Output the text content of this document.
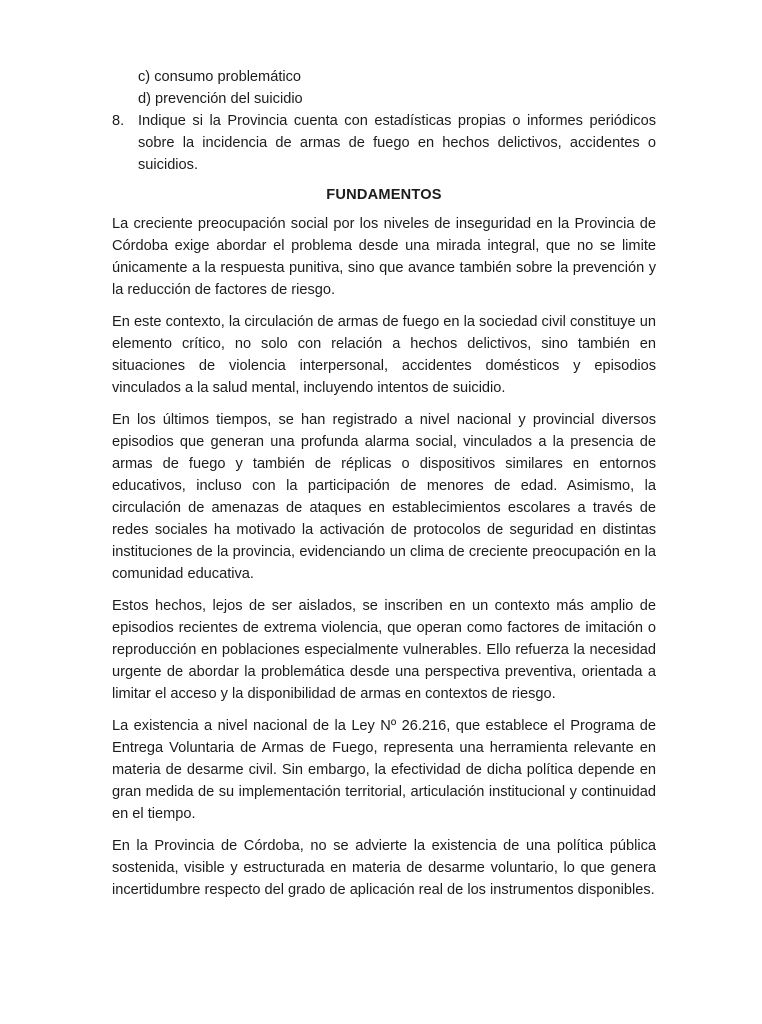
c) consumo problemático
d) prevención del suicidio
8. Indique si la Provincia cuenta con estadísticas propias o informes periódicos sobre la incidencia de armas de fuego en hechos delictivos, accidentes o suicidios.
FUNDAMENTOS

La creciente preocupación social por los niveles de inseguridad en la Provincia de Córdoba exige abordar el problema desde una mirada integral, que no se limite únicamente a la respuesta punitiva, sino que avance también sobre la prevención y la reducción de factores de riesgo.

En este contexto, la circulación de armas de fuego en la sociedad civil constituye un elemento crítico, no solo con relación a hechos delictivos, sino también en situaciones de violencia interpersonal, accidentes domésticos y episodios vinculados a la salud mental, incluyendo intentos de suicidio.

En los últimos tiempos, se han registrado a nivel nacional y provincial diversos episodios que generan una profunda alarma social, vinculados a la presencia de armas de fuego y también de réplicas o dispositivos similares en entornos educativos, incluso con la participación de menores de edad. Asimismo, la circulación de amenazas de ataques en establecimientos escolares a través de redes sociales ha motivado la activación de protocolos de seguridad en distintas instituciones de la provincia, evidenciando un clima de creciente preocupación en la comunidad educativa.

Estos hechos, lejos de ser aislados, se inscriben en un contexto más amplio de episodios recientes de extrema violencia, que operan como factores de imitación o reproducción en poblaciones especialmente vulnerables. Ello refuerza la necesidad urgente de abordar la problemática desde una perspectiva preventiva, orientada a limitar el acceso y la disponibilidad de armas en contextos de riesgo.

La existencia a nivel nacional de la Ley Nº 26.216, que establece el Programa de Entrega Voluntaria de Armas de Fuego, representa una herramienta relevante en materia de desarme civil. Sin embargo, la efectividad de dicha política depende en gran medida de su implementación territorial, articulación institucional y continuidad en el tiempo.

En la Provincia de Córdoba, no se advierte la existencia de una política pública sostenida, visible y estructurada en materia de desarme voluntario, lo que genera incertidumbre respecto del grado de aplicación real de los instrumentos disponibles.
